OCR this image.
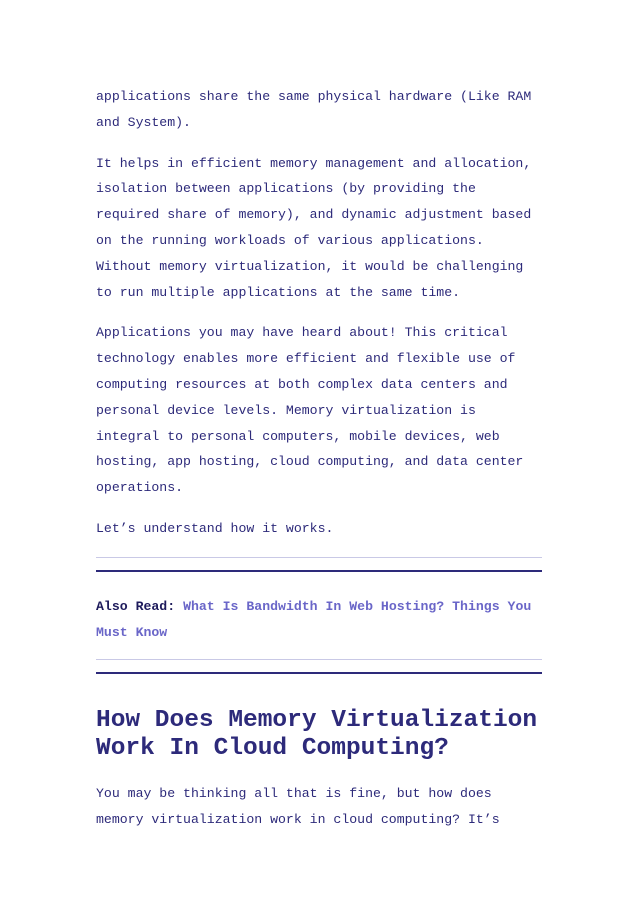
applications share the same physical hardware (Like RAM and System).

It helps in efficient memory management and allocation, isolation between applications (by providing the required share of memory), and dynamic adjustment based on the running workloads of various applications. Without memory virtualization, it would be challenging to run multiple applications at the same time.

Applications you may have heard about! This critical technology enables more efficient and flexible use of computing resources at both complex data centers and personal device levels. Memory virtualization is integral to personal computers, mobile devices, web hosting, app hosting, cloud computing, and data center operations.

Let’s understand how it works.

Also Read: What Is Bandwidth In Web Hosting? Things You Must Know
How Does Memory Virtualization Work In Cloud Computing?

You may be thinking all that is fine, but how does memory virtualization work in cloud computing? It’s
